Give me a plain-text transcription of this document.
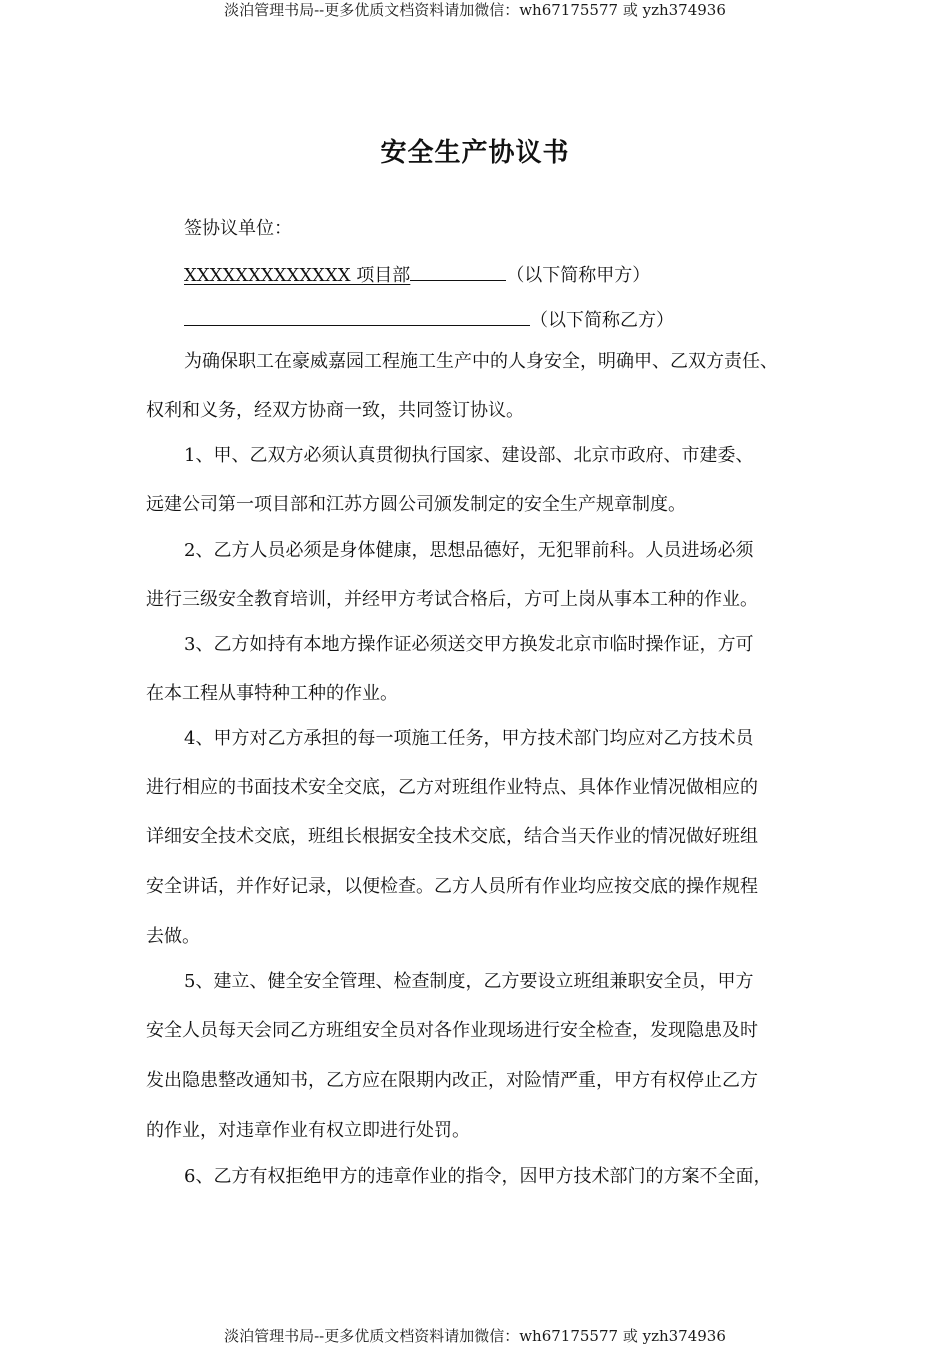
淡泊管理书局--更多优质文档资料请加微信：wh67175577 或 yzh374936
安全生产协议书
签协议单位：
XXXXXXXXXXXXX 项目部	（以下简称甲方）
（以下简称乙方）
为确保职工在豪威嘉园工程施工生产中的人身安全，明确甲、乙双方责任、
权利和义务，经双方协商一致，共同签订协议。
1、甲、乙双方必须认真贯彻执行国家、建设部、北京市政府、市建委、
远建公司第一项目部和江苏方圆公司颁发制定的安全生产规章制度。
2、乙方人员必须是身体健康，思想品德好，无犯罪前科。人员进场必须
进行三级安全教育培训，并经甲方考试合格后，方可上岗从事本工种的作业。
3、乙方如持有本地方操作证必须送交甲方换发北京市临时操作证，方可
在本工程从事特种工种的作业。
4、甲方对乙方承担的每一项施工任务，甲方技术部门均应对乙方技术员
进行相应的书面技术安全交底，乙方对班组作业特点、具体作业情况做相应的
详细安全技术交底，班组长根据安全技术交底，结合当天作业的情况做好班组
安全讲话，并作好记录，以便检查。乙方人员所有作业均应按交底的操作规程
去做。
5、建立、健全安全管理、检查制度，乙方要设立班组兼职安全员，甲方
安全人员每天会同乙方班组安全员对各作业现场进行安全检查，发现隐患及时
发出隐患整改通知书，乙方应在限期内改正，对险情严重，甲方有权停止乙方
的作业，对违章作业有权立即进行处罚。
6、乙方有权拒绝甲方的违章作业的指令，因甲方技术部门的方案不全面，
淡泊管理书局--更多优质文档资料请加微信：wh67175577 或 yzh374936
